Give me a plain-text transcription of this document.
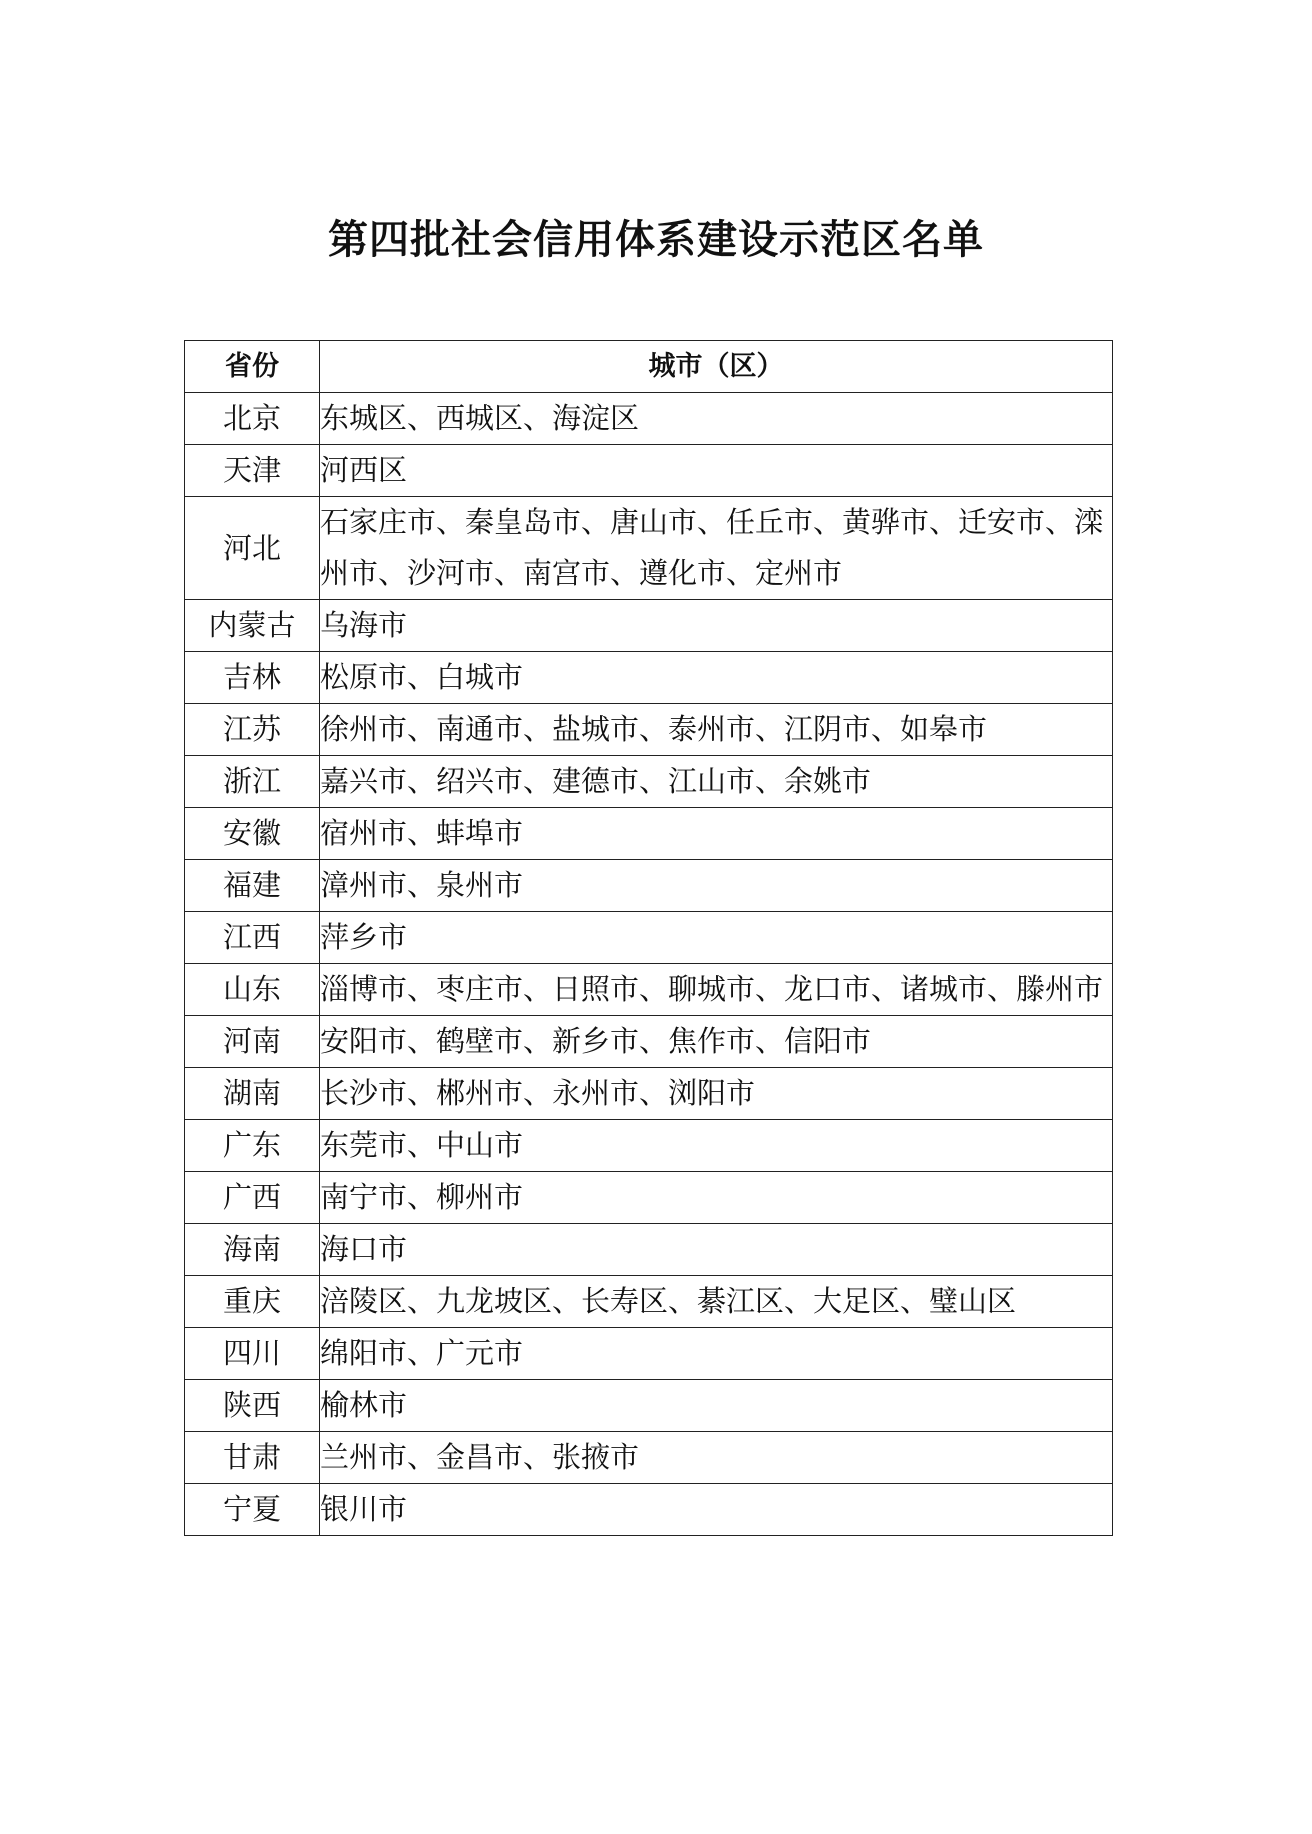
第四批社会信用体系建设示范区名单
省份	城市（区）
北京	东城区、西城区、海淀区
天津	河西区
河北	石家庄市、秦皇岛市、唐山市、任丘市、黄骅市、迁安市、滦州市、沙河市、南宫市、遵化市、定州市
内蒙古	乌海市
吉林	松原市、白城市
江苏	徐州市、南通市、盐城市、泰州市、江阴市、如皋市
浙江	嘉兴市、绍兴市、建德市、江山市、余姚市
安徽	宿州市、蚌埠市
福建	漳州市、泉州市
江西	萍乡市
山东	淄博市、枣庄市、日照市、聊城市、龙口市、诸城市、滕州市
河南	安阳市、鹤壁市、新乡市、焦作市、信阳市
湖南	长沙市、郴州市、永州市、浏阳市
广东	东莞市、中山市
广西	南宁市、柳州市
海南	海口市
重庆	涪陵区、九龙坡区、长寿区、綦江区、大足区、璧山区
四川	绵阳市、广元市
陕西	榆林市
甘肃	兰州市、金昌市、张掖市
宁夏	银川市
